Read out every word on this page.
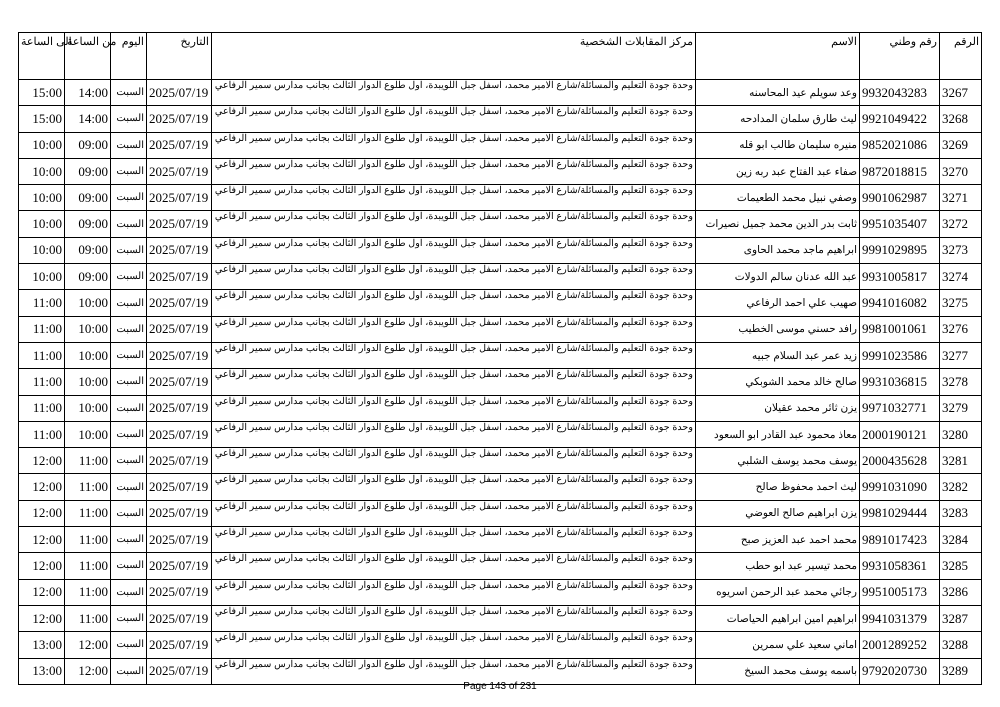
الى الساعة	من الساعة	اليوم	التاريخ	مركز المقابلات الشخصية	الاسم	رقم وطني	الرقم
15:00	14:00	السبت	2025/07/19	وحدة جودة التعليم والمسائلة/شارع الامير محمد، اسفل جبل اللويبدة، اول طلوع الدوار الثالث بجانب مدارس سمير الرفاعي	وعد سويلم عيد المحاسنه	9932043283	3267
15:00	14:00	السبت	2025/07/19	وحدة جودة التعليم والمسائلة/شارع الامير محمد، اسفل جبل اللويبدة، اول طلوع الدوار الثالث بجانب مدارس سمير الرفاعي	ليث طارق سلمان المدادحه	9921049422	3268
10:00	09:00	السبت	2025/07/19	وحدة جودة التعليم والمسائلة/شارع الامير محمد، اسفل جبل اللويبدة، اول طلوع الدوار الثالث بجانب مدارس سمير الرفاعي	منيره سليمان طالب ابو قله	9852021086	3269
10:00	09:00	السبت	2025/07/19	وحدة جودة التعليم والمسائلة/شارع الامير محمد، اسفل جبل اللويبدة، اول طلوع الدوار الثالث بجانب مدارس سمير الرفاعي	صفاء عبد الفتاح عبد ربه زين	9872018815	3270
10:00	09:00	السبت	2025/07/19	وحدة جودة التعليم والمسائلة/شارع الامير محمد، اسفل جبل اللويبدة، اول طلوع الدوار الثالث بجانب مدارس سمير الرفاعي	وصفي نبيل محمد الطعيمات	9901062987	3271
10:00	09:00	السبت	2025/07/19	وحدة جودة التعليم والمسائلة/شارع الامير محمد، اسفل جبل اللويبدة، اول طلوع الدوار الثالث بجانب مدارس سمير الرفاعي	ثابت بدر الدين محمد جميل نصيرات	9951035407	3272
10:00	09:00	السبت	2025/07/19	وحدة جودة التعليم والمسائلة/شارع الامير محمد، اسفل جبل اللويبدة، اول طلوع الدوار الثالث بجانب مدارس سمير الرفاعي	ابراهيم ماجد محمد الحاوى	9991029895	3273
10:00	09:00	السبت	2025/07/19	وحدة جودة التعليم والمسائلة/شارع الامير محمد، اسفل جبل اللويبدة، اول طلوع الدوار الثالث بجانب مدارس سمير الرفاعي	عبد الله عدنان سالم الدولات	9931005817	3274
11:00	10:00	السبت	2025/07/19	وحدة جودة التعليم والمسائلة/شارع الامير محمد، اسفل جبل اللويبدة، اول طلوع الدوار الثالث بجانب مدارس سمير الرفاعي	صهيب علي احمد الرفاعي	9941016082	3275
11:00	10:00	السبت	2025/07/19	وحدة جودة التعليم والمسائلة/شارع الامير محمد، اسفل جبل اللويبدة، اول طلوع الدوار الثالث بجانب مدارس سمير الرفاعي	رافد حسني موسى الخطيب	9981001061	3276
11:00	10:00	السبت	2025/07/19	وحدة جودة التعليم والمسائلة/شارع الامير محمد، اسفل جبل اللويبدة، اول طلوع الدوار الثالث بجانب مدارس سمير الرفاعي	زيد عمر عبد السلام جبيه	9991023586	3277
11:00	10:00	السبت	2025/07/19	وحدة جودة التعليم والمسائلة/شارع الامير محمد، اسفل جبل اللويبدة، اول طلوع الدوار الثالث بجانب مدارس سمير الرفاعي	صالح خالد محمد الشوبكي	9931036815	3278
11:00	10:00	السبت	2025/07/19	وحدة جودة التعليم والمسائلة/شارع الامير محمد، اسفل جبل اللويبدة، اول طلوع الدوار الثالث بجانب مدارس سمير الرفاعي	يزن ثائر محمد عقيلان	9971032771	3279
11:00	10:00	السبت	2025/07/19	وحدة جودة التعليم والمسائلة/شارع الامير محمد، اسفل جبل اللويبدة، اول طلوع الدوار الثالث بجانب مدارس سمير الرفاعي	معاذ محمود عبد القادر ابو السعود	2000190121	3280
12:00	11:00	السبت	2025/07/19	وحدة جودة التعليم والمسائلة/شارع الامير محمد، اسفل جبل اللويبدة، اول طلوع الدوار الثالث بجانب مدارس سمير الرفاعي	يوسف محمد يوسف الشلبي	2000435628	3281
12:00	11:00	السبت	2025/07/19	وحدة جودة التعليم والمسائلة/شارع الامير محمد، اسفل جبل اللويبدة، اول طلوع الدوار الثالث بجانب مدارس سمير الرفاعي	ليث احمد محفوظ صالح	9991031090	3282
12:00	11:00	السبت	2025/07/19	وحدة جودة التعليم والمسائلة/شارع الامير محمد، اسفل جبل اللويبدة، اول طلوع الدوار الثالث بجانب مدارس سمير الرفاعي	يزن ابراهيم صالح العوضي	9981029444	3283
12:00	11:00	السبت	2025/07/19	وحدة جودة التعليم والمسائلة/شارع الامير محمد، اسفل جبل اللويبدة، اول طلوع الدوار الثالث بجانب مدارس سمير الرفاعي	محمد احمد عبد العزيز صبح	9891017423	3284
12:00	11:00	السبت	2025/07/19	وحدة جودة التعليم والمسائلة/شارع الامير محمد، اسفل جبل اللويبدة، اول طلوع الدوار الثالث بجانب مدارس سمير الرفاعي	محمد تيسير عبد ابو حطب	9931058361	3285
12:00	11:00	السبت	2025/07/19	وحدة جودة التعليم والمسائلة/شارع الامير محمد، اسفل جبل اللويبدة، اول طلوع الدوار الثالث بجانب مدارس سمير الرفاعي	رجائي محمد عبد الرحمن اسريوه	9951005173	3286
12:00	11:00	السبت	2025/07/19	وحدة جودة التعليم والمسائلة/شارع الامير محمد، اسفل جبل اللويبدة، اول طلوع الدوار الثالث بجانب مدارس سمير الرفاعي	ابراهيم امين ابراهيم الحياصات	9941031379	3287
13:00	12:00	السبت	2025/07/19	وحدة جودة التعليم والمسائلة/شارع الامير محمد، اسفل جبل اللويبدة، اول طلوع الدوار الثالث بجانب مدارس سمير الرفاعي	اماني سعيد علي سمرين	2001289252	3288
13:00	12:00	السبت	2025/07/19	وحدة جودة التعليم والمسائلة/شارع الامير محمد، اسفل جبل اللويبدة، اول طلوع الدوار الثالث بجانب مدارس سمير الرفاعي	باسمه يوسف محمد السيخ	9792020730	3289
Page 143 of 231
